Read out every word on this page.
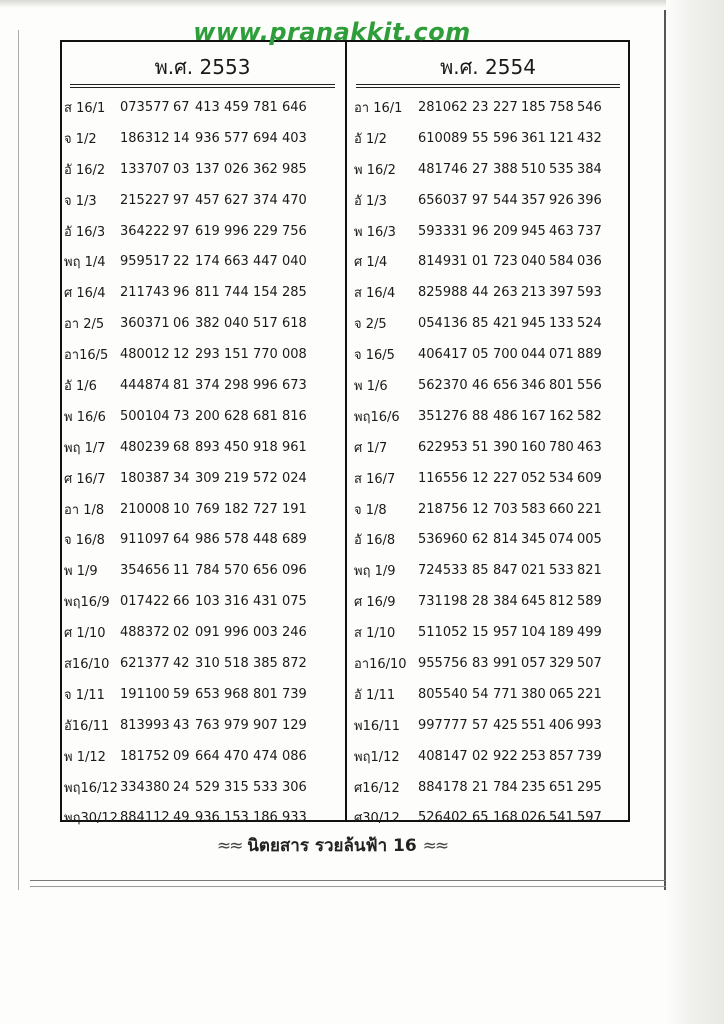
www.pranakkit.com
พ.ศ. 2553	พ.ศ. 2554
ส 16/1	073577 67 413 459 781 646
จ 1/2	186312 14 936 577 694 403
อั 16/2	133707 03 137 026 362 985
จ 1/3	215227 97 457 627 374 470
อั 16/3	364222 97 619 996 229 756
พฤ 1/4	959517 22 174 663 447 040
ศ 16/4	211743 96 811 744 154 285
อา 2/5	360371 06 382 040 517 618
อา16/5 480012 12 293 151 770 008
อั 1/6	444874 81 374 298 996 673
พ 16/6	500104 73 200 628 681 816
พฤ 1/7	480239 68 893 450 918 961
ศ 16/7	180387 34 309 219 572 024
อา 1/8	210008 10 769 182 727 191
จ 16/8	911097 64 986 578 448 689
พ 1/9	354656 11 784 570 656 096
พฤ16/9 017422 66 103 316 431 075
ศ 1/10	488372 02 091 996 003 246
ส16/10 621377 42 310 518 385 872
จ 1/11	191100 59 653 968 801 739
อั16/11 813993 43 763 979 907 129
พ 1/12	181752 09 664 470 474 086
พฤ16/12 334380 24 529 315 533 306
พฤ30/12 884112 49 936 153 186 933
อา 16/1	281062 23 227 185 758 546
อั 1/2	610089 55 596 361 121 432
พ 16/2	481746 27 388 510 535 384
อั 1/3	656037 97 544 357 926 396
พ 16/3	593331 96 209 945 463 737
ศ 1/4	814931 01 723 040 584 036
ส 16/4	825988 44 263 213 397 593
จ 2/5	054136 85 421 945 133 524
จ 16/5	406417 05 700 044 071 889
พ 1/6	562370 46 656 346 801 556
พฤ16/6	351276 88 486 167 162 582
ศ 1/7	622953 51 390 160 780 463
ส 16/7	116556 12 227 052 534 609
จ 1/8	218756 12 703 583 660 221
อั 16/8	536960 62 814 345 074 005
พฤ 1/9	724533 85 847 021 533 821
ศ 16/9	731198 28 384 645 812 589
ส 1/10	511052 15 957 104 189 499
อา16/10 955756 83 991 057 329 507
อั 1/11	805540 54 771 380 065 221
พ16/11	997777 57 425 551 406 993
พฤ1/12	408147 02 922 253 857 739
ศ16/12	884178 21 784 235 651 295
ศ30/12	526402 65 168 026 541 597
≈≈ นิตยสาร รวยล้นฟ้า 16 ≈≈
